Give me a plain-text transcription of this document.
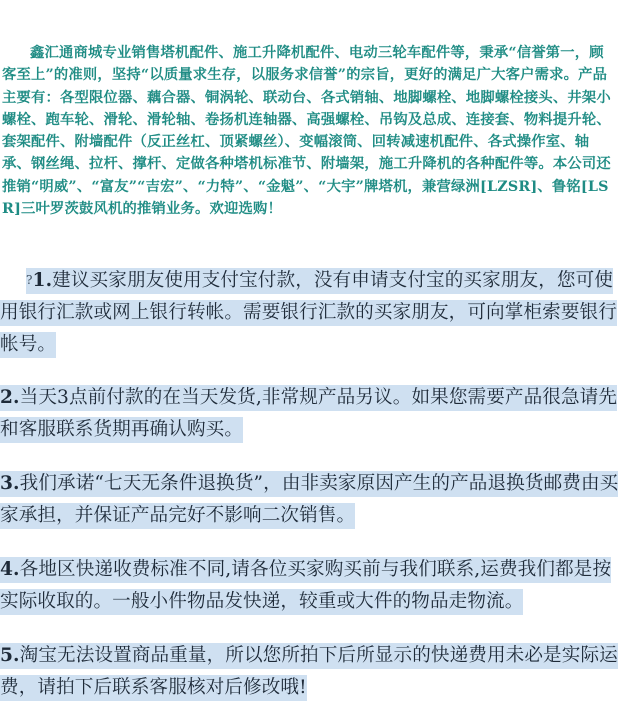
鑫汇通商城专业销售塔机配件、施工升降机配件、电动三轮车配件等，秉承“信誉第一，顾客至上”的准则，坚持“以质量求生存，以服务求信誉”的宗旨，更好的满足广大客户需求。产品主要有：各型限位器、藕合器、铜涡轮、联动台、各式销轴、地脚螺栓、地脚螺栓接头、井架小螺栓、跑车轮、滑轮、滑轮轴、卷扬机连轴器、高强螺栓、吊钩及总成、连接套、物料提升轮、套架配件、附墙配件（反正丝杠、顶紧螺丝）、变幅滚筒、回转减速机配件、各式操作室、轴承、钢丝绳、拉杆、撑杆、定做各种塔机标准节、附墙架，施工升降机的各种配件等。本公司还推销“明威”、“富友”“吉宏”、“力特”、“金魁”、“大宇”牌塔机，兼营绿洲[LZSR]、鲁铭[LSR]三叶罗茨鼓风机的推销业务。欢迎选购！

?1.建议买家朋友使用支付宝付款，没有申请支付宝的买家朋友，您可使用银行汇款或网上银行转帐。需要银行汇款的买家朋友，可向掌柜索要银行帐号。

2.当天3点前付款的在当天发货,非常规产品另议。如果您需要产品很急请先和客服联系货期再确认购买。

3.我们承诺“七天无条件退换货”，由非卖家原因产生的产品退换货邮费由买家承担，并保证产品完好不影响二次销售。

4.各地区快递收费标准不同,请各位买家购买前与我们联系,运费我们都是按实际收取的。一般小件物品发快递，较重或大件的物品走物流。

5.淘宝无法设置商品重量，所以您所拍下后所显示的快递费用未必是实际运费，请拍下后联系客服核对后修改哦!
